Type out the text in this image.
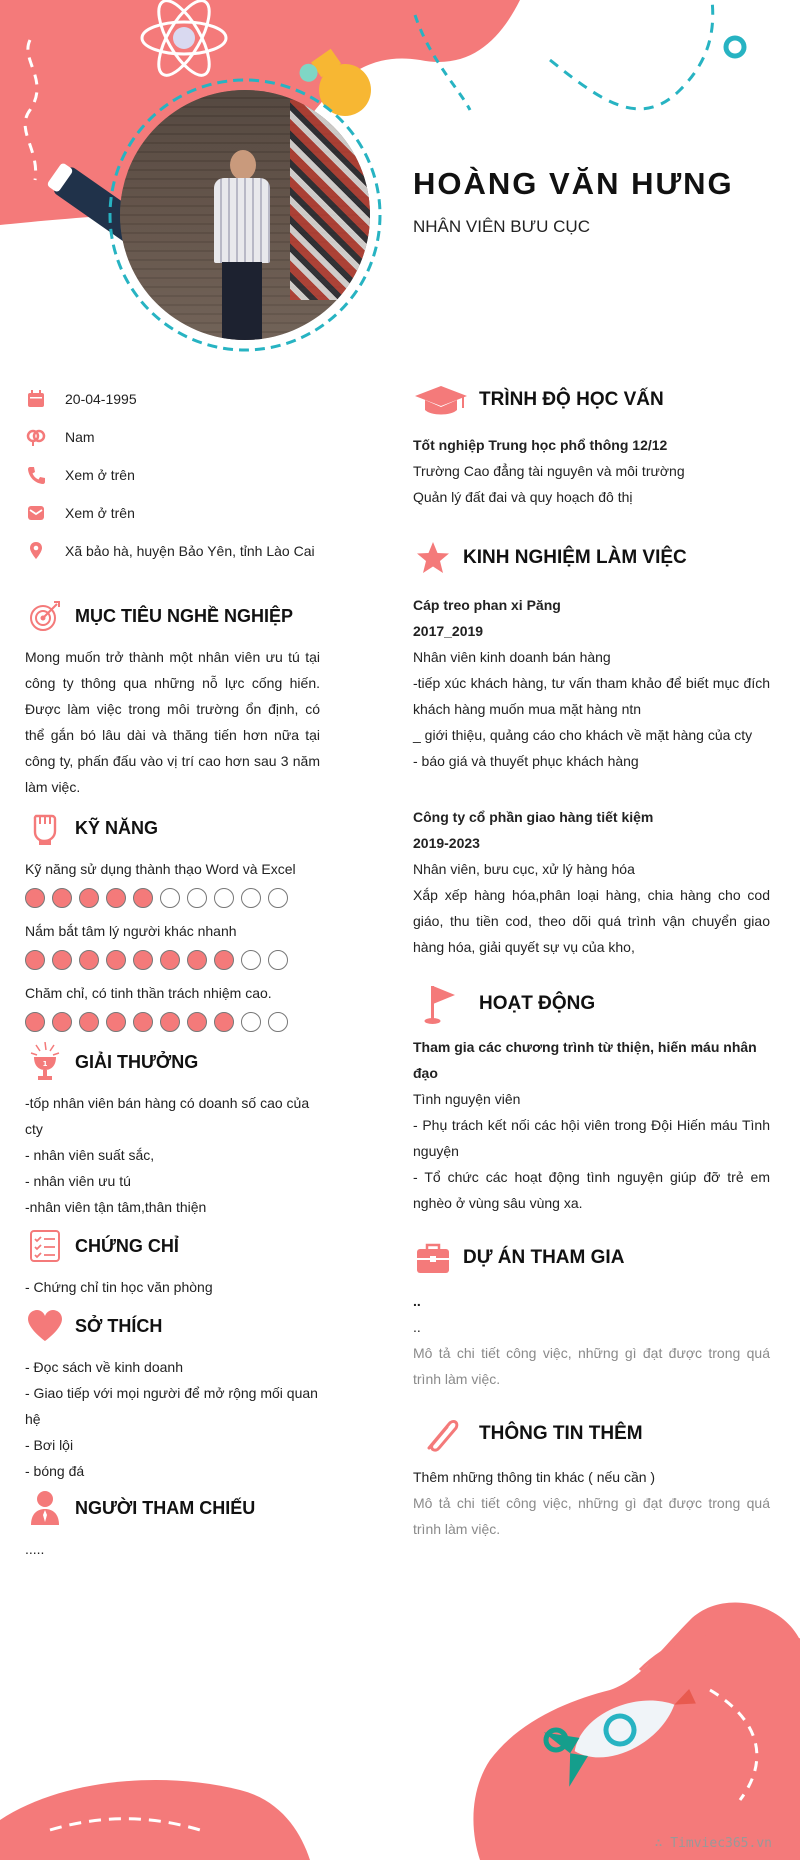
HOÀNG VĂN HƯNG
NHÂN VIÊN BƯU CỤC
20-04-1995
Nam
Xem ở trên
Xem ở trên
Xã bảo hà, huyện Bảo Yên, tỉnh Lào Cai
MỤC TIÊU NGHỀ NGHIỆP

Mong muốn trở thành một nhân viên ưu tú tại công ty thông qua những nỗ lực cống hiến. Được làm việc trong môi trường ổn định, có thể gắn bó lâu dài và thăng tiến hơn nữa tại công ty, phấn đấu vào vị trí cao hơn sau 3 năm làm việc.

KỸ NĂNG

Kỹ năng sử dụng thành thạo Word và Excel

Nắm bắt tâm lý người khác nhanh

Chăm chỉ, có tinh thần trách nhiệm cao.

1 GIẢI THƯỞNG

-tốp nhân viên bán hàng có doanh số cao của cty

- nhân viên suất sắc,

- nhân viên ưu tú

-nhân viên tận tâm,thân thiện

CHỨNG CHỈ

- Chứng chỉ tin học văn phòng

SỞ THÍCH

- Đọc sách về kinh doanh

- Giao tiếp với mọi người để mở rộng mối quan hệ

- Bơi lội

- bóng đá

NGƯỜI THAM CHIẾU

.....

TRÌNH ĐỘ HỌC VẤN

Tốt nghiệp Trung học phổ thông 12/12

Trường Cao đẳng tài nguyên và môi trường

Quản lý đất đai và quy hoạch đô thị

KINH NGHIỆM LÀM VIỆC

Cáp treo phan xi Păng

2017_2019

Nhân viên kinh doanh bán hàng

-tiếp xúc khách hàng, tư vấn tham khảo để biết mục đích khách hàng muốn mua mặt hàng ntn

_ giới thiệu, quảng cáo cho khách về mặt hàng của cty

- báo giá và thuyết phục khách hàng

Công ty cổ phần giao hàng tiết kiệm

2019-2023

Nhân viên, bưu cục, xử lý hàng hóa

Xắp xếp hàng hóa,phân loại hàng, chia hàng cho cod giáo, thu tiền cod, theo dõi quá trình vận chuyển giao hàng hóa, giải quyết sự vụ của kho,

HOẠT ĐỘNG

Tham gia các chương trình từ thiện, hiến máu nhân đạo

Tình nguyện viên

- Phụ trách kết nối các hội viên trong Đội Hiến máu Tình nguyện

- Tổ chức các hoạt động tình nguyện giúp đỡ trẻ em nghèo ở vùng sâu vùng xa.

DỰ ÁN THAM GIA

..

..

Mô tả chi tiết công việc, những gì đạt được trong quá trình làm việc.

THÔNG TIN THÊM

Thêm những thông tin khác ( nếu cần )

Mô tả chi tiết công việc, những gì đạt được trong quá trình làm việc.

∴ Timviec365.vn
